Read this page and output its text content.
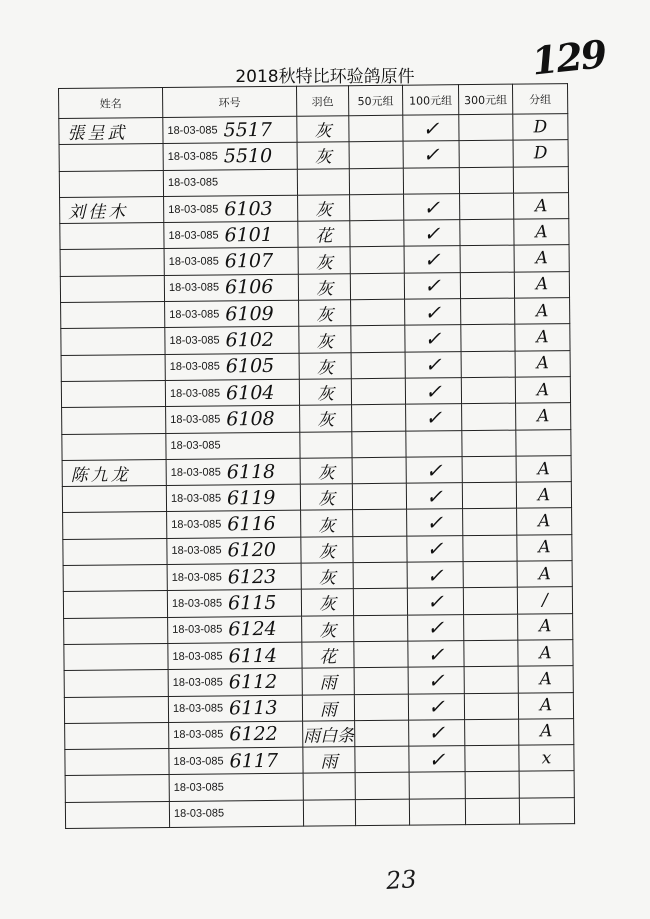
129
2018秋特比环验鸽原件
姓名	环号	羽色	50元组	100元组	300元组	分组
張呈武	18-03-085 5517	灰		✓		D
	18-03-085 5510	灰		✓		D
	18-03-085					
刘佳木	18-03-085 6103	灰		✓		A
	18-03-085 6101	花		✓		A
	18-03-085 6107	灰		✓		A
	18-03-085 6106	灰		✓		A
	18-03-085 6109	灰		✓		A
	18-03-085 6102	灰		✓		A
	18-03-085 6105	灰		✓		A
	18-03-085 6104	灰		✓		A
	18-03-085 6108	灰		✓		A
	18-03-085					
陈九龙	18-03-085 6118	灰		✓		A
	18-03-085 6119	灰		✓		A
	18-03-085 6116	灰		✓		A
	18-03-085 6120	灰		✓		A
	18-03-085 6123	灰		✓		A
	18-03-085 6115	灰		✓		/
	18-03-085 6124	灰		✓		A
	18-03-085 6114	花		✓		A
	18-03-085 6112	雨		✓		A
	18-03-085 6113	雨		✓		A
	18-03-085 6122	雨白条		✓		A
	18-03-085 6117	雨		✓		x
	18-03-085					
	18-03-085					
23
